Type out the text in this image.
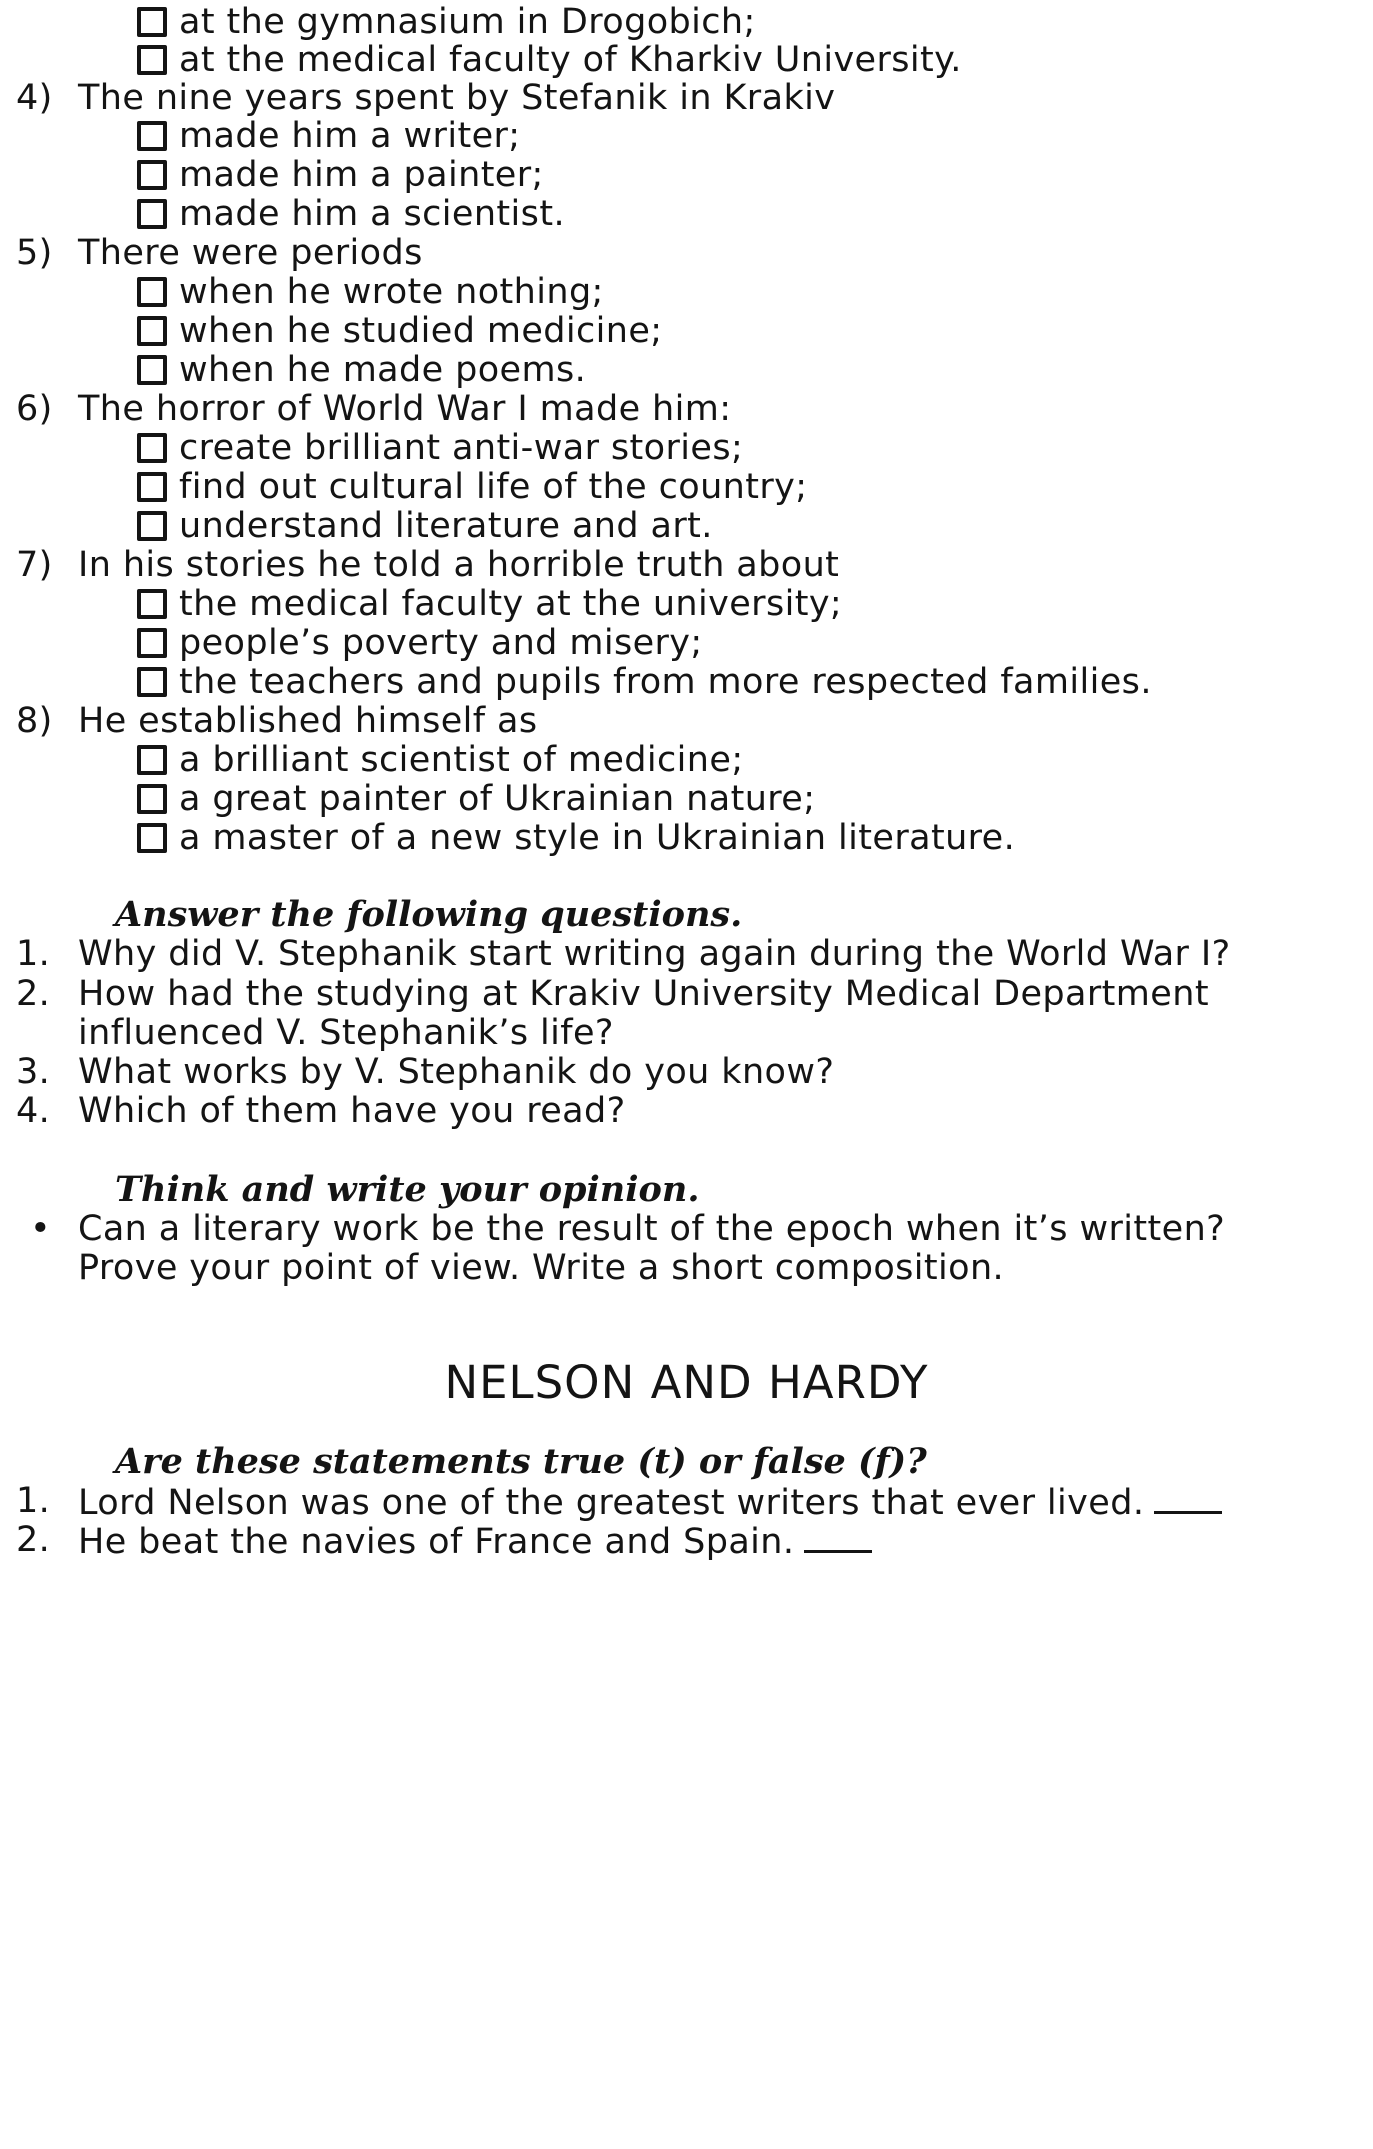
at the gymnasium in Drogobich;
at the medical faculty of Kharkiv University.
4) The nine years spent by Stefanik in Krakiv
made him a writer;
made him a painter;
made him a scientist.
5) There were periods
when he wrote nothing;
when he studied medicine;
when he made poems.
6) The horror of World War I made him:
create brilliant anti-war stories;
find out cultural life of the country;
understand literature and art.
7) In his stories he told a horrible truth about
the medical faculty at the university;
people’s poverty and misery;
the teachers and pupils from more respected families.
8) He established himself as
a brilliant scientist of medicine;
a great painter of Ukrainian nature;
a master of a new style in Ukrainian literature.
Answer the following questions.
1. Why did V. Stephanik start writing again during the World War I?
2. How had the studying at Krakiv University Medical Department
influenced V. Stephanik’s life?
3. What works by V. Stephanik do you know?
4. Which of them have you read?
Think and write your opinion.
• Can a literary work be the result of the epoch when it’s written?
Prove your point of view. Write a short composition.
NELSON AND HARDY
Are these statements true (t) or false (f)?
1. Lord Nelson was one of the greatest writers that ever lived.
2. He beat the navies of France and Spain.
